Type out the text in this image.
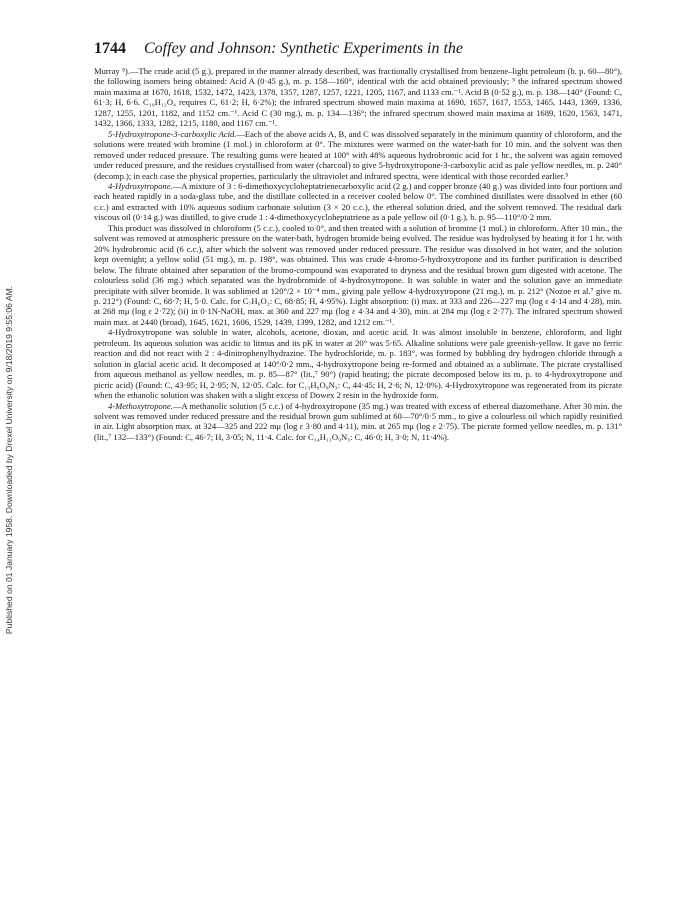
Published on 01 January 1958. Downloaded by Drexel University on 9/18/2019 9:55:06 AM.
1744 Coffey and Johnson: Synthetic Experiments in the

Murray ⁵).—The crude acid (5 g.), prepared in the manner already described, was fractionally crystallised from benzene–light petroleum (b. p. 60—80°), the following isomers being obtained: Acid A (0·45 g.), m. p. 158—160°, identical with the acid obtained previously; ⁵ the infrared spectrum showed main maxima at 1670, 1618, 1532, 1472, 1423, 1378, 1357, 1287, 1257, 1221, 1205, 1167, and 1133 cm.⁻¹. Acid B (0·52 g.), m. p. 138—140° (Found: C, 61·3; H, 6·6. C₁₀H₁₂O₄ requires C, 61·2; H, 6·2%); the infrared spectrum showed main maxima at 1690, 1657, 1617, 1553, 1465, 1443, 1369, 1336, 1287, 1255, 1201, 1182, and 1152 cm.⁻¹. Acid C (30 mg.), m. p. 134—136°; the infrared spectrum showed main maxima at 1689, 1620, 1563, 1471, 1432, 1366, 1333, 1282, 1215, 1180, and 1167 cm.⁻¹.

5-Hydroxytropone-3-carboxylic Acid.—Each of the above acids A, B, and C was dissolved separately in the minimum quantity of chloroform, and the solutions were treated with bromine (1 mol.) in chloroform at 0°. The mixtures were warmed on the water-bath for 10 min. and the solvent was then removed under reduced pressure. The resulting gums were heated at 100° with 48% aqueous hydrobromic acid for 1 hr., the solvent was again removed under reduced pressure, and the residues crystallised from water (charcoal) to give 5-hydroxytropone-3-carboxylic acid as pale yellow needles, m. p. 240° (decomp.); in each case the physical properties, particularly the ultraviolet and infrared spectra, were identical with those recorded earlier.⁵

4-Hydroxytropone.—A mixture of 3 : 6-dimethoxycycloheptatrienecarboxylic acid (2 g.) and copper bronze (40 g.) was divided into four portions and each heated rapidly in a soda-glass tube, and the distillate collected in a receiver cooled below 0°. The combined distillates were dissolved in ether (60 c.c.) and extracted with 10% aqueous sodium carbonate solution (3 × 20 c.c.), the ethereal solution dried, and the solvent removed. The residual dark viscous oil (0·14 g.) was distilled, to give crude 1 : 4-dimethoxycycloheptatriene as a pale yellow oil (0·1 g.), b. p. 95—110°/0·2 mm.

This product was dissolved in chloroform (5 c.c.), cooled to 0°, and then treated with a solution of bromine (1 mol.) in chloroform. After 10 min., the solvent was removed at atmospheric pressure on the water-bath, hydrogen bromide being evolved. The residue was hydrolysed by heating it for 1 hr. with 20% hydrobromic acid (6 c.c.), after which the solvent was removed under reduced pressure. The residue was dissolved in hot water, and the solution kept overnight; a yellow solid (51 mg.), m. p. 198°, was obtained. This was crude 4-bromo-5-hydroxytropone and its further purification is described below. The filtrate obtained after separation of the bromo-compound was evaporated to dryness and the residual brown gum digested with acetone. The colourless solid (36 mg.) which separated was the hydrobromide of 4-hydroxytropone. It was soluble in water and the solution gave an immediate precipitate with silver bromide. It was sublimed at 120°/2 × 10⁻⁴ mm., giving pale yellow 4-hydroxytropone (21 mg.), m. p. 212° (Nozoe et al.⁷ give m. p. 212°) (Found: C, 68·7; H, 5·0. Calc. for C₇H₆O₂: C, 68·85; H, 4·95%). Light absorption: (i) max. at 333 and 226—227 mμ (log ε 4·14 and 4·28), min. at 268 mμ (log ε 2·72); (ii) in 0·1N-NaOH, max. at 360 and 227 mμ (log ε 4·34 and 4·30), min. at 284 mμ (log ε 2·77). The infrared spectrum showed main max. at 2440 (broad), 1645, 1621, 1606, 1529, 1439, 1399, 1282, and 1212 cm.⁻¹.

4-Hydroxytropone was soluble in water, alcohols, acetone, dioxan, and acetic acid. It was almost insoluble in benzene, chloroform, and light petroleum. Its aqueous solution was acidic to litmus and its pK in water at 20° was 5·65. Alkaline solutions were pale greenish-yellow. It gave no ferric reaction and did not react with 2 : 4-dinitrophenylhydrazine. The hydrochloride, m. p. 183°, was formed by bubbling dry hydrogen chloride through a solution in glacial acetic acid. It decomposed at 140°/0·2 mm., 4-hydroxytropone being re-formed and obtained as a sublimate. The picrate crystallised from aqueous methanol as yellow needles, m. p. 85—87° (lit.,⁷ 90°) (rapid heating; the picrate decomposed below its m. p. to 4-hydroxytropone and picric acid) (Found: C, 43·95; H, 2·95; N, 12·05. Calc. for C₁₃H₉O₉N₃: C, 44·45; H, 2·6; N, 12·0%). 4-Hydroxytropone was regenerated from its picrate when the ethanolic solution was shaken with a slight excess of Dowex 2 resin in the hydroxide form.

4-Methoxytropone.—A methanolic solution (5 c.c.) of 4-hydroxytropone (35 mg.) was treated with excess of ethereal diazomethane. After 30 min. the solvent was removed under reduced pressure and the residual brown gum sublimed at 60—70°/0·5 mm., to give a colourless oil which rapidly resinified in air. Light absorption max. at 324—325 and 222 mμ (log ε 3·80 and 4·11), min. at 265 mμ (log ε 2·75). The picrate formed yellow needles, m. p. 131° (lit.,⁷ 132—133°) (Found: C, 46·7; H, 3·05; N, 11·4. Calc. for C₁₄H₁₁O₉N₃: C, 46·0; H, 3·0; N, 11·4%).
